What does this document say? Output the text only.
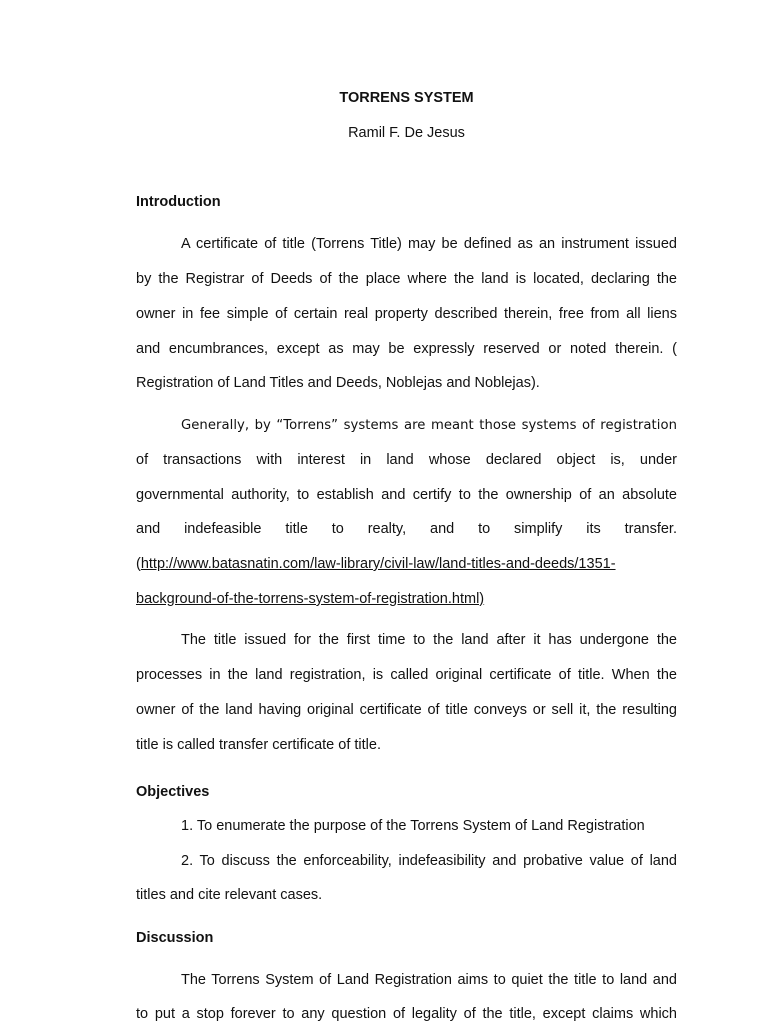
TORRENS SYSTEM
Ramil F. De Jesus
Introduction
A certificate of title (Torrens Title) may be defined as an instrument issued
by the Registrar of Deeds of the place where the land is located, declaring the
owner in fee simple of certain real property described therein, free from all liens
and encumbrances, except as may be expressly reserved or noted therein. (
Registration of Land Titles and Deeds, Noblejas and Noblejas).
Generally, by “Torrens” systems are meant those systems of registration
of transactions with interest in land whose declared object is, under
governmental authority, to establish and certify to the ownership of an absolute
and indefeasible title to realty, and to simplify its transfer.
(http://www.batasnatin.com/law-library/civil-law/land-titles-and-deeds/1351-
background-of-the-torrens-system-of-registration.html)
The title issued for the first time to the land after it has undergone the
processes in the land registration, is called original certificate of title. When the
owner of the land having original certificate of title conveys or sell it, the resulting
title is called transfer certificate of title.
Objectives
1. To enumerate the purpose of the Torrens System of Land Registration
2. To discuss the enforceability, indefeasibility and probative value of land
titles and cite relevant cases.
Discussion
The Torrens System of Land Registration aims to quiet the title to land and
to put a stop forever to any question of legality of the title, except claims which
